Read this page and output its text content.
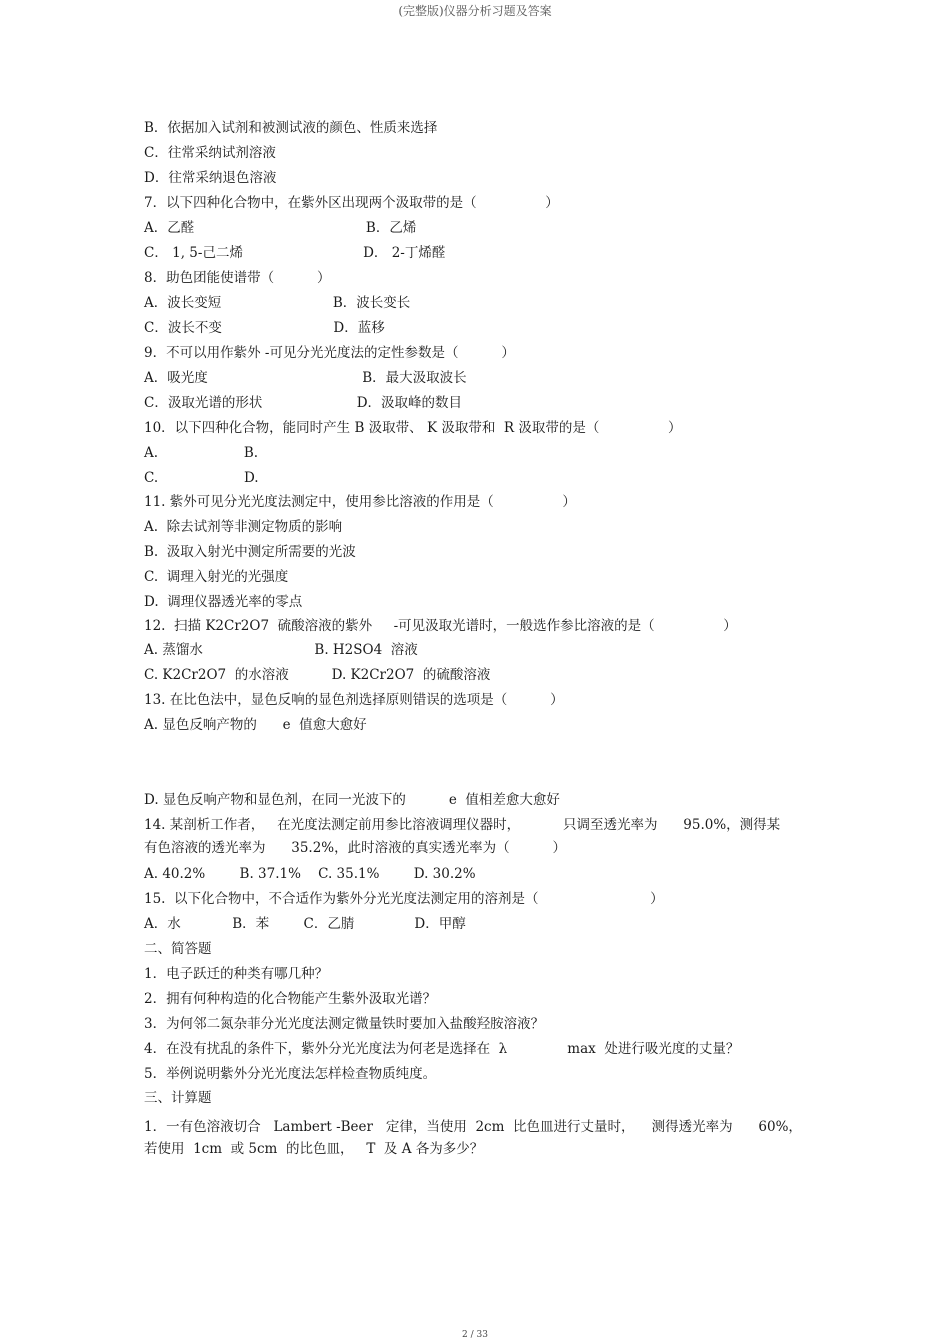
(完整版)仪器分析习题及答案
B．依据加入试剂和被测试液的颜色、性质来选择
C．往常采纳试剂溶液
D．往常采纳退色溶液
7．以下四种化合物中，在紫外区出现两个汲取带的是（                ）
A．乙醛                                        B．乙烯
C． 1, 5-己二烯                            D． 2-丁烯醛
8．助色团能使谱带（          ）
A．波长变短                          B．波长变长
C．波长不变                          D．蓝移
9．不可以用作紫外 -可见分光光度法的定性参数是（          ）
A．吸光度                                    B．最大汲取波长
C．汲取光谱的形状                      D．汲取峰的数目
10．以下四种化合物，能同时产生 B 汲取带、 K 汲取带和  R 汲取带的是（                ）
A.                    B.
C.                    D.
11. 紫外可见分光光度法测定中，使用参比溶液的作用是（                ）
A.  除去试剂等非测定物质的影响
B.  汲取入射光中测定所需要的光波
C.  调理入射光的光强度
D.  调理仪器透光率的零点
12.  扫描 K2Cr2O7  硫酸溶液的紫外     -可见汲取光谱时，一般选作参比溶液的是（                ）
A. 蒸馏水                          B. H2SO4  溶液
C. K2Cr2O7  的水溶液          D. K2Cr2O7  的硫酸溶液
13. 在比色法中，显色反响的显色剂选择原则错误的选项是（          ）
A. 显色反响产物的      e  值愈大愈好
D. 显色反响产物和显色剂，在同一光波下的          e  值相差愈大愈好
14. 某剖析工作者，   在光度法测定前用参比溶液调理仪器时，          只调至透光率为      95.0%，测得某
有色溶液的透光率为      35.2%，此时溶液的真实透光率为（          ）
A. 40.2%        B. 37.1%    C. 35.1%        D. 30.2%
15.  以下化合物中，不合适作为紫外分光光度法测定用的溶剂是（                          ）
A．水            B．苯        C．乙腈              D．甲醇
二、简答题
1．电子跃迁的种类有哪几种？
2．拥有何种构造的化合物能产生紫外汲取光谱？
3．为何邻二氮杂菲分光光度法测定微量铁时要加入盐酸羟胺溶液？
4．在没有扰乱的条件下，紫外分光光度法为何老是选择在  λ              max  处进行吸光度的丈量？
5．举例说明紫外分光光度法怎样检查物质纯度。
三、计算题
1．一有色溶液切合   Lambert -Beer   定律，当使用  2cm  比色皿进行丈量时，    测得透光率为      60%，
若使用  1cm  或 5cm  的比色皿，   T  及 A 各为多少？
2 / 33
